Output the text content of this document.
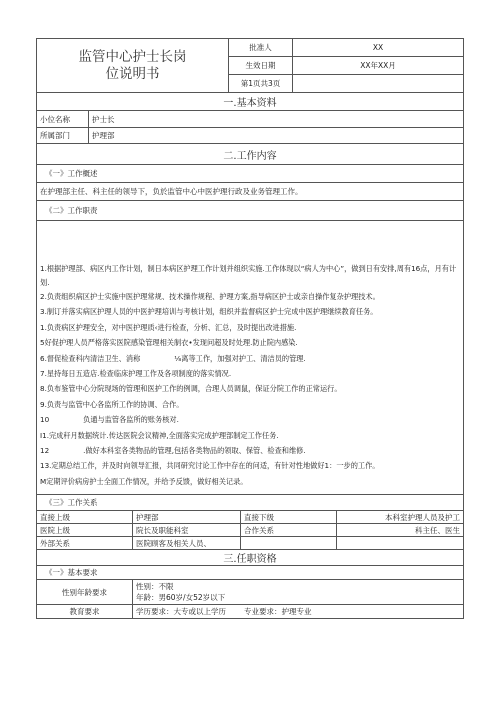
监管中心护士长岗
位说明书
批准人	XX
生效日期	XX年XX月
第1页共3页
一.基本资料
小位名称	护士长
所属部门	护理部
二.工作内容
《一》工作概述
在护理部主任、科主任的领导下，负於监管中心中医护理行政及业务管理工作。
《二》工作职责
1.根据护理部、病区内工作计划，制日本病区护理工作计划并组织实施.工作体现以“病人为中心”，做到日有安排,周有16点，月有计划.
2.负责组织病区护士实施中医护理常规、技术操作规程、护理方案,指导病区护士或亲自操作复杂护理技术。
3.制订并落实病区护理人员的中医护理培训与考核计划，组织并监督病区护士完成中医护理继续教育任务。
1.负责病区护理安全，对中医护理质‹进行检查，分析、汇总，及时提出改进措施.
5好促护理人员严格落实医院感染管理相关制衣•发现问超及时处理.防止院内感染.
6.督促检查科内清洁卫生、消称	⅛离等工作，加强对护工、清洁员的管理.
7.星持每日五造店.检查临床护理工作及各项制度的落实情况.
8.负布鉴管中心分院现场的管理和医护工作的例调，合理人员调鼠，保证分院工作的正常运行。
9.负责与监管中心各监所工作的协调、合作。
10	负通与监管各监所的账务核对.
I1.完成秆月数据统计.传达医院会议精神,全面落实完成护理部制定工作任务.
12	.做好本科室各类物品的管理,包括各类物品的领取、保管、检查和维修.
13.定期总结工作，并及时向领导汇报，共同研究讨论工作中存在的问适，有针对性地做好1：一步的工作。
M定期评价病房护士全面工作情况，并给予反馈，做好相关记录。
《三》工作关系
直接上级	护理部	直接下级	本科室护理人员及护工
医院上级	院长及职能科室	合作关系	科主任、医生
外部关系	医院顾客及相关人员、
三.任职资格
《一》基本要求
性别年龄要求
性别：不限
年龄：男60岁/女52岁以下
教育要求	学历要求：大专或以上学历 专业要求：护理专业
